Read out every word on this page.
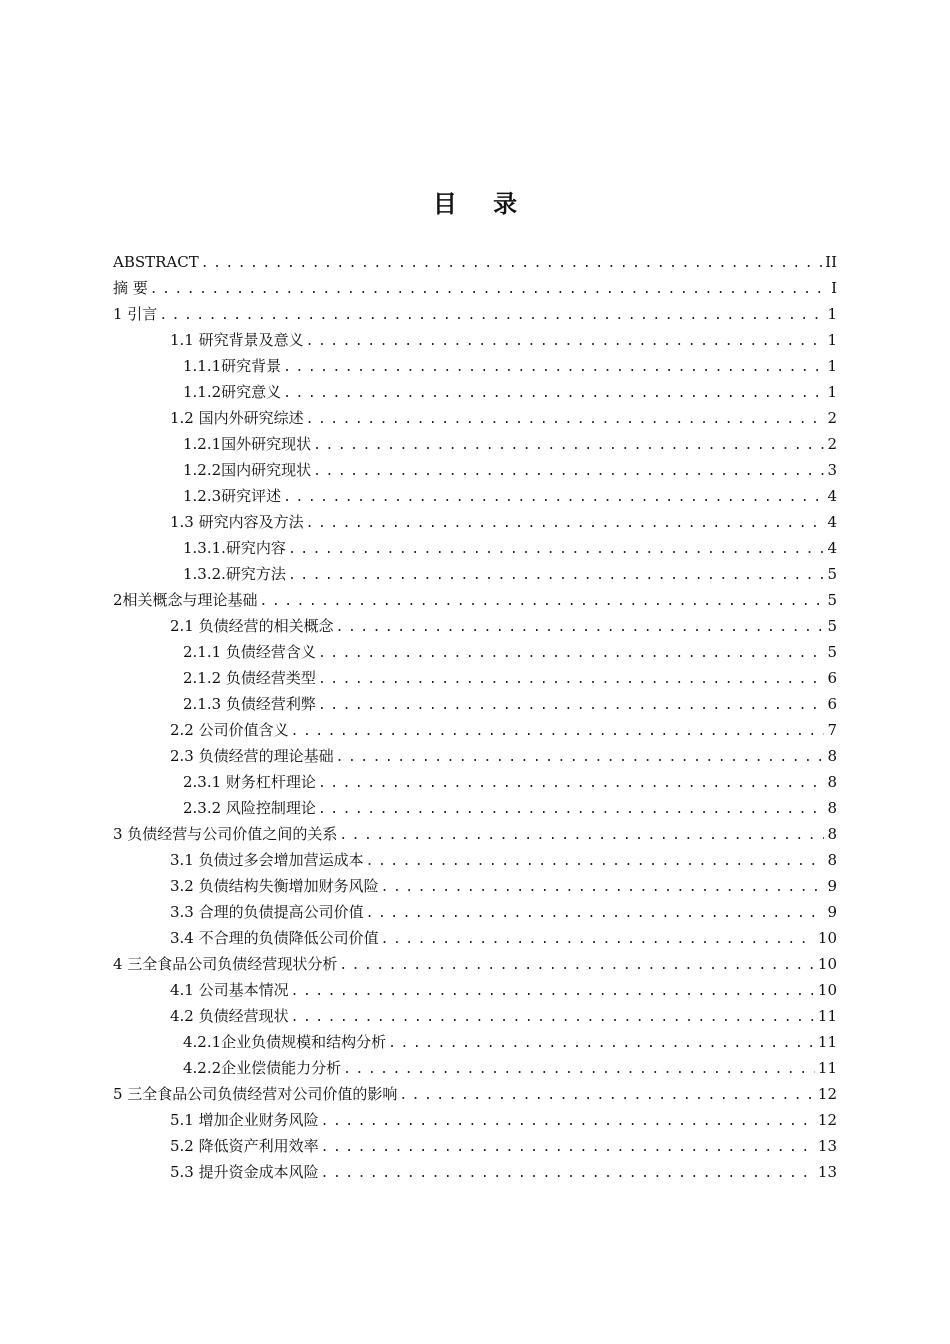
目 录
ABSTRACT .....	II
摘 要 .....	I
1 引言 .....	1
1.1 研究背景及意义 .....	1
1.1.1研究背景 .....	1
1.1.2研究意义 .....	1
1.2 国内外研究综述 .....	2
1.2.1国外研究现状 .....	2
1.2.2国内研究现状 .....	3
1.2.3研究评述 .....	4
1.3 研究内容及方法 .....	4
1.3.1.研究内容 .....	4
1.3.2.研究方法 .....	5
2相关概念与理论基础 .....	5
2.1 负债经营的相关概念 .....	5
2.1.1 负债经营含义 .....	5
2.1.2 负债经营类型 .....	6
2.1.3 负债经营利弊 .....	6
2.2 公司价值含义 .....	7
2.3 负债经营的理论基础 .....	8
2.3.1 财务杠杆理论 .....	8
2.3.2 风险控制理论 .....	8
3 负债经营与公司价值之间的关系 .....	8
3.1 负债过多会增加营运成本 .....	8
3.2 负债结构失衡增加财务风险 .....	9
3.3 合理的负债提高公司价值 .....	9
3.4 不合理的负债降低公司价值 .....	10
4 三全食品公司负债经营现状分析 .....	10
4.1 公司基本情况 .....	10
4.2 负债经营现状 .....	11
4.2.1企业负债规模和结构分析 .....	11
4.2.2企业偿债能力分析 .....	11
5 三全食品公司负债经营对公司价值的影响 .....	12
5.1 增加企业财务风险 .....	12
5.2 降低资产利用效率 .....	13
5.3 提升资金成本风险 .....	13
